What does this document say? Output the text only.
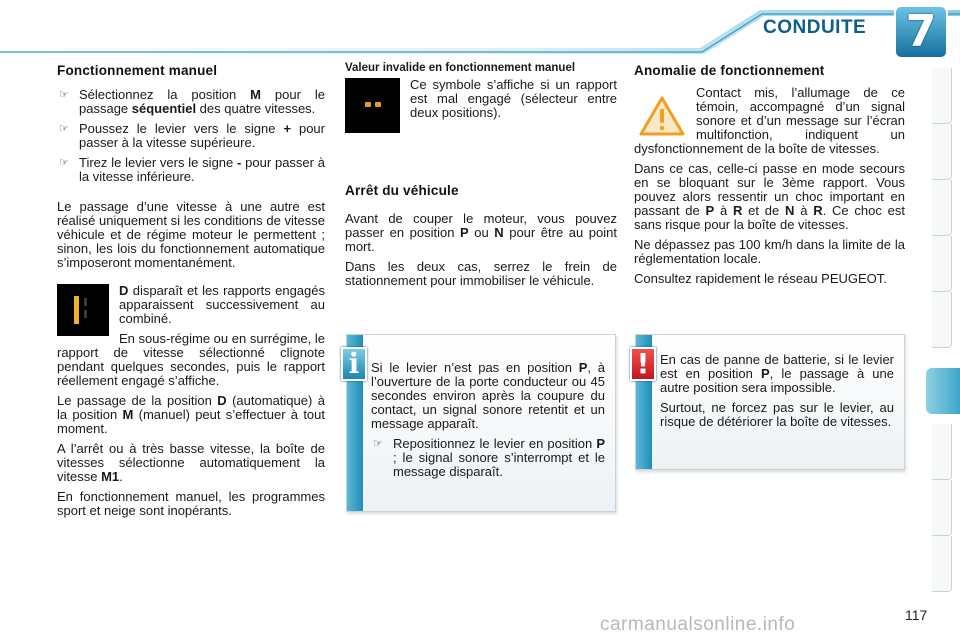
CONDUITE 7
Fonctionnement manuel
☞ Sélectionnez la position M pour le passage séquentiel des quatre vitesses.
☞ Poussez le levier vers le signe + pour passer à la vitesse supérieure.
☞ Tirez le levier vers le signe - pour passer à la vitesse inférieure.

Le passage d’une vitesse à une autre est réalisé uniquement si les conditions de vitesse véhicule et de régime moteur le permettent ; sinon, les lois du fonctionnement automatique s’imposeront momentanément.

D disparaît et les rapports engagés apparaissent successivement au combiné.

En sous-régime ou en surrégime, le rapport de vitesse sélectionné clignote pendant quelques secondes, puis le rapport réellement engagé s’affiche.

Le passage de la position D (automatique) à la position M (manuel) peut s’effectuer à tout moment.

A l’arrêt ou à très basse vitesse, la boîte de vitesses sélectionne automatiquement la vitesse M1.

En fonctionnement manuel, les programmes sport et neige sont inopérants.

Valeur invalide en fonctionnement manuel

Ce symbole s’affiche si un rapport est mal engagé (sélecteur entre deux positions).

Arrêt du véhicule

Avant de couper le moteur, vous pouvez passer en position P ou N pour être au point mort.

Dans les deux cas, serrez le frein de stationnement pour immobiliser le véhicule.

i Si le levier n’est pas en position P, à l’ouverture de la porte conducteur ou 45 secondes environ après la coupure du contact, un signal sonore retentit et un message apparaît.

☞ Repositionnez le levier en position P ; le signal sonore s’interrompt et le message disparaît.
Anomalie de fonctionnement

Contact mis, l’allumage de ce témoin, accompagné d’un signal sonore et d’un message sur l’écran multifonction, indiquent un dysfonctionnement de la boîte de vitesses.

Dans ce cas, celle-ci passe en mode secours en se bloquant sur le 3ème rapport. Vous pouvez alors ressentir un choc important en passant de P à R et de N à R. Ce choc est sans risque pour la boîte de vitesses.

Ne dépassez pas 100 km/h dans la limite de la réglementation locale.

Consultez rapidement le réseau PEUGEOT.

! En cas de panne de batterie, si le levier est en position P, le passage à une autre position sera impossible.

Surtout, ne forcez pas sur le levier, au risque de détériorer la boîte de vitesses.

carmanualsonline.info	117
